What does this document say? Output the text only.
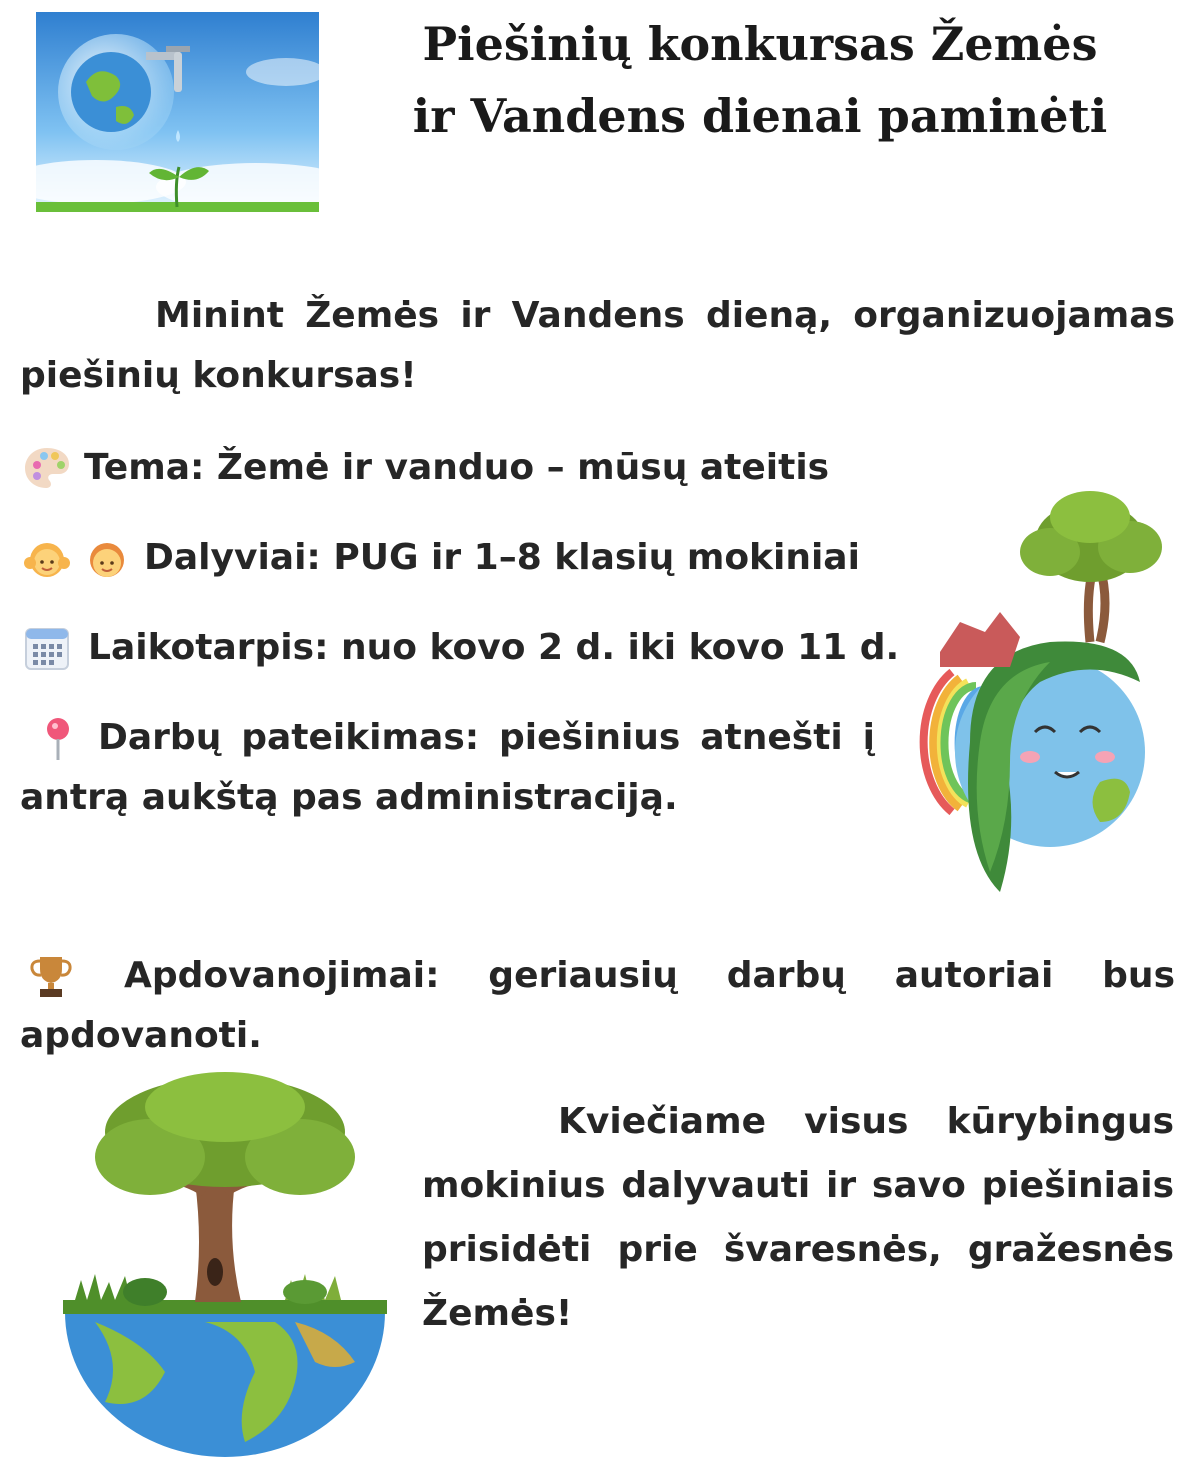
Piešinių konkursas Žemės
ir Vandens dienai paminėti
Minint Žemės ir Vandens dieną, organizuojamas
piešinių konkursas!
Tema: Žemė ir vanduo – mūsų ateitis
Dalyviai: PUG ir 1–8 klasių mokiniai
Laikotarpis: nuo kovo 2 d. iki kovo 11 d.
Darbų pateikimas: piešinius atnešti į
antrą aukštą pas administraciją.
Apdovanojimai: geriausių darbų autoriai bus
apdovanoti.
Kviečiame visus kūrybingus
mokinius dalyvauti ir savo piešiniais
prisidėti prie švaresnės, gražesnės
Žemės!
